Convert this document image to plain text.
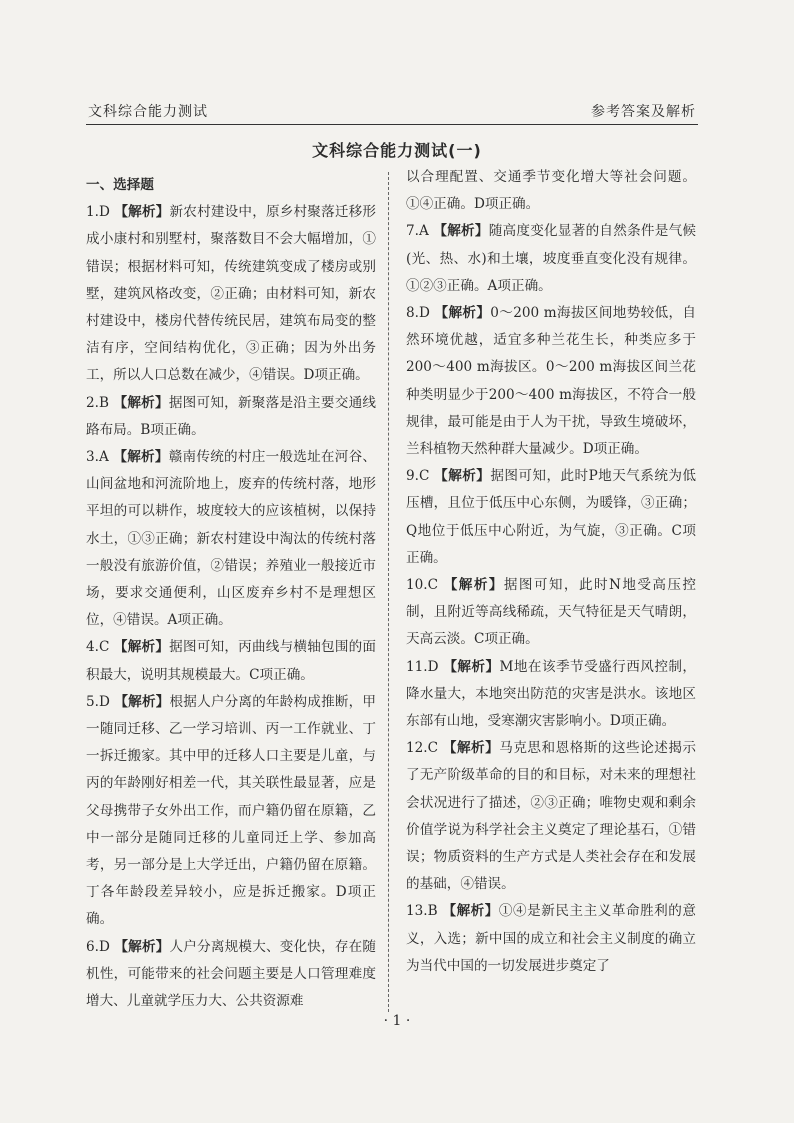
文科综合能力测试	参考答案及解析
文科综合能力测试(一)
一、选择题

1.D 【解析】新农村建设中，原乡村聚落迁移形成小康村和别墅村，聚落数目不会大幅增加，①错误；根据材料可知，传统建筑变成了楼房或别墅，建筑风格改变，②正确；由材料可知，新农村建设中，楼房代替传统民居，建筑布局变的整洁有序，空间结构优化，③正确；因为外出务工，所以人口总数在减少，④错误。D项正确。

2.B 【解析】据图可知，新聚落是沿主要交通线路布局。B项正确。

3.A 【解析】赣南传统的村庄一般选址在河谷、山间盆地和河流阶地上，废弃的传统村落，地形平坦的可以耕作，坡度较大的应该植树，以保持水土，①③正确；新农村建设中淘汰的传统村落一般没有旅游价值，②错误；养殖业一般接近市场，要求交通便利，山区废弃乡村不是理想区位，④错误。A项正确。

4.C 【解析】据图可知，丙曲线与横轴包围的面积最大，说明其规模最大。C项正确。

5.D 【解析】根据人户分离的年龄构成推断，甲一随同迁移、乙一学习培训、丙一工作就业、丁一拆迁搬家。其中甲的迁移人口主要是儿童，与丙的年龄刚好相差一代，其关联性最显著，应是父母携带子女外出工作，而户籍仍留在原籍，乙中一部分是随同迁移的儿童同迁上学、参加高考，另一部分是上大学迁出，户籍仍留在原籍。丁各年龄段差异较小，应是拆迁搬家。D项正确。

6.D 【解析】人户分离规模大、变化快，存在随机性，可能带来的社会问题主要是人口管理难度增大、儿童就学压力大、公共资源难

以合理配置、交通季节变化增大等社会问题。①④正确。D项正确。

7.A 【解析】随高度变化显著的自然条件是气候(光、热、水)和土壤，坡度垂直变化没有规律。①②③正确。A项正确。

8.D 【解析】0～200 m海拔区间地势较低，自然环境优越，适宜多种兰花生长，种类应多于200～400 m海拔区。0～200 m海拔区间兰花种类明显少于200～400 m海拔区，不符合一般规律，最可能是由于人为干扰，导致生境破坏，兰科植物天然种群大量减少。D项正确。

9.C 【解析】据图可知，此时P地天气系统为低压槽，且位于低压中心东侧，为暖锋，③正确；Q地位于低压中心附近，为气旋，③正确。C项正确。

10.C 【解析】据图可知，此时N地受高压控制，且附近等高线稀疏，天气特征是天气晴朗，天高云淡。C项正确。

11.D 【解析】M地在该季节受盛行西风控制，降水量大，本地突出防范的灾害是洪水。该地区东部有山地，受寒潮灾害影响小。D项正确。

12.C 【解析】马克思和恩格斯的这些论述揭示了无产阶级革命的目的和目标，对未来的理想社会状况进行了描述，②③正确；唯物史观和剩余价值学说为科学社会主义奠定了理论基石，①错误；物质资料的生产方式是人类社会存在和发展的基础，④错误。

13.B 【解析】①④是新民主主义革命胜利的意义，入选；新中国的成立和社会主义制度的确立为当代中国的一切发展进步奠定了

· 1 ·
